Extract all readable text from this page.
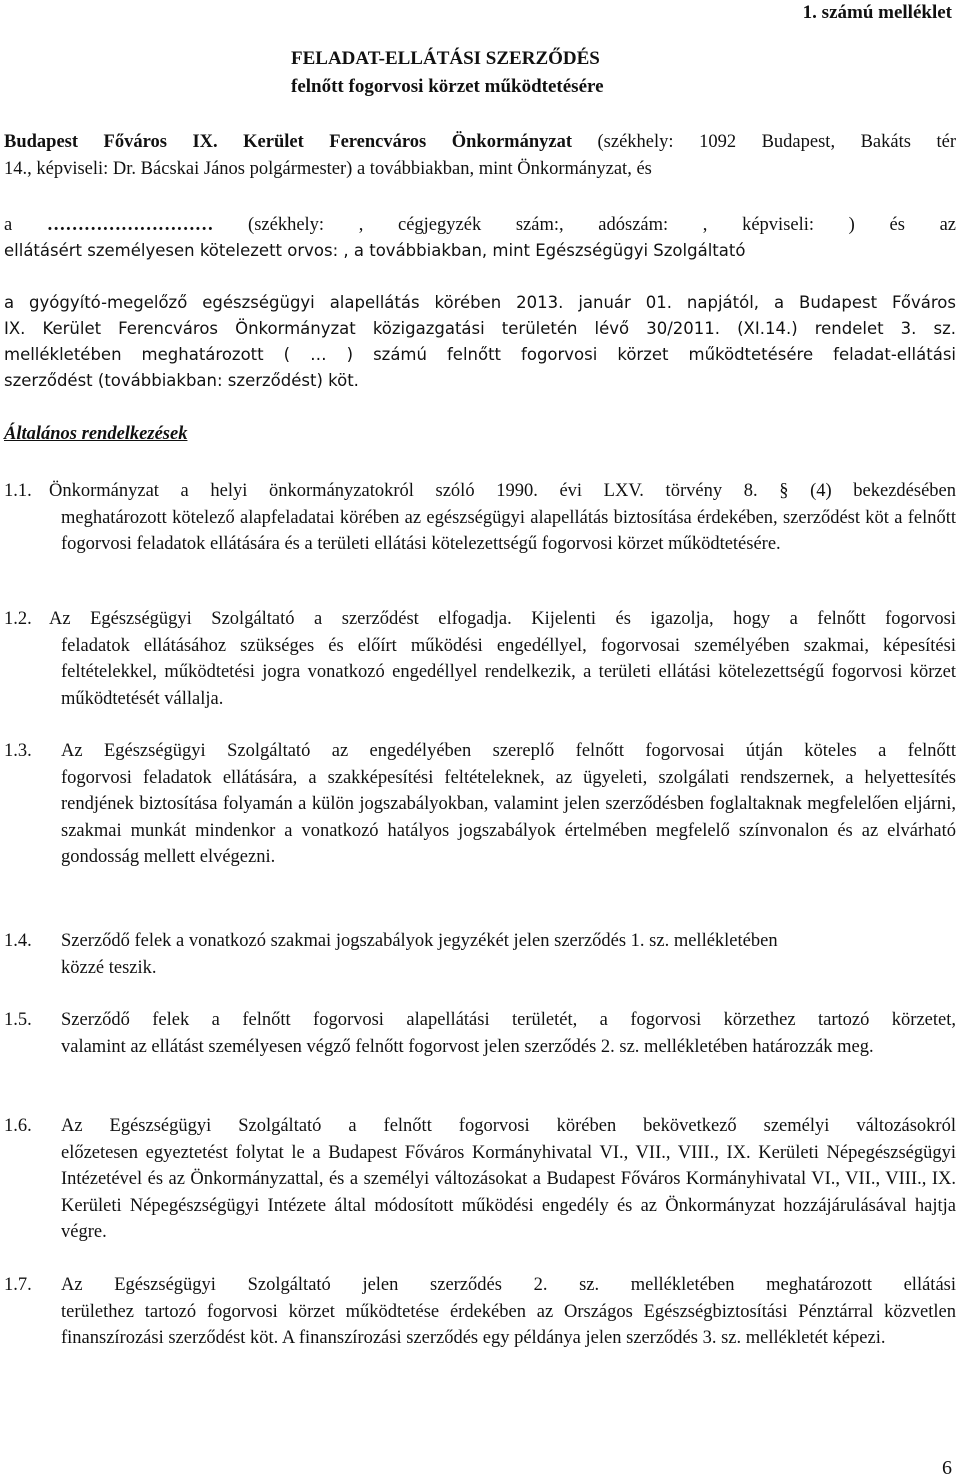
1. számú melléklet
FELADAT-ELLÁTÁSI SZERZŐDÉS
felnőtt fogorvosi körzet működtetésére
Budapest Főváros IX. Kerület Ferencváros Önkormányzat (székhely: 1092 Budapest, Bakáts tér
14., képviseli: Dr. Bácskai János polgármester) a továbbiakban, mint Önkormányzat, és
a ……………………… (székhely: , cégjegyzék szám:, adószám: , képviseli: ) és az
ellátásért személyesen kötelezett orvos: , a továbbiakban, mint Egészségügyi Szolgáltató
a gyógyító-megelőző egészségügyi alapellátás körében 2013. január 01. napjától, a Budapest Főváros
IX. Kerület Ferencváros Önkormányzat közigazgatási területén lévő 30/2011. (XI.14.) rendelet 3. sz.
mellékletében meghatározott ( … ) számú felnőtt fogorvosi körzet működtetésére feladat-ellátási
szerződést (továbbiakban: szerződést) köt.
Általános rendelkezések
1.1. Önkormányzat a helyi önkormányzatokról szóló 1990. évi LXV. törvény 8. § (4) bekezdésében
meghatározott kötelező alapfeladatai körében az egészségügyi alapellátás biztosítása érdekében, szerződést köt a felnőtt fogorvosi feladatok ellátására és a területi ellátási kötelezettségű fogorvosi körzet működtetésére.
1.2. Az Egészségügyi Szolgáltató a szerződést elfogadja. Kijelenti és igazolja, hogy a felnőtt fogorvosi
feladatok ellátásához szükséges és előírt működési engedéllyel, fogorvosai személyében szakmai, képesítési feltételekkel, működtetési jogra vonatkozó engedéllyel rendelkezik, a területi ellátási kötelezettségű fogorvosi körzet működtetését vállalja.
1.3. Az Egészségügyi Szolgáltató az engedélyében szereplő felnőtt fogorvosai útján köteles a felnőtt
fogorvosi feladatok ellátására, a szakképesítési feltételeknek, az ügyeleti, szolgálati rendszernek, a helyettesítés rendjének biztosítása folyamán a külön jogszabályokban, valamint jelen szerződésben foglaltaknak megfelelően eljárni, szakmai munkát mindenkor a vonatkozó hatályos jogszabályok értelmében megfelelő színvonalon és az elvárható gondosság mellett elvégezni.
1.4. Szerződő felek a vonatkozó szakmai jogszabályok jegyzékét jelen szerződés 1. sz. mellékletében
közzé teszik.
1.5. Szerződő felek a felnőtt fogorvosi alapellátási területét, a fogorvosi körzethez tartozó körzetet,
valamint az ellátást személyesen végző felnőtt fogorvost jelen szerződés 2. sz. mellékletében határozzák meg.
1.6. Az Egészségügyi Szolgáltató a felnőtt fogorvosi körében bekövetkező személyi változásokról
előzetesen egyeztetést folytat le a Budapest Főváros Kormányhivatal VI., VII., VIII., IX. Kerületi Népegészségügyi Intézetével és az Önkormányzattal, és a személyi változásokat a Budapest Főváros Kormányhivatal VI., VII., VIII., IX. Kerületi Népegészségügyi Intézete által módosított működési engedély és az Önkormányzat hozzájárulásával hajtja végre.
1.7. Az Egészségügyi Szolgáltató jelen szerződés 2. sz. mellékletében meghatározott ellátási
területhez tartozó fogorvosi körzet működtetése érdekében az Országos Egészségbiztosítási Pénztárral közvetlen finanszírozási szerződést köt. A finanszírozási szerződés egy példánya jelen szerződés 3. sz. mellékletét képezi.
6
